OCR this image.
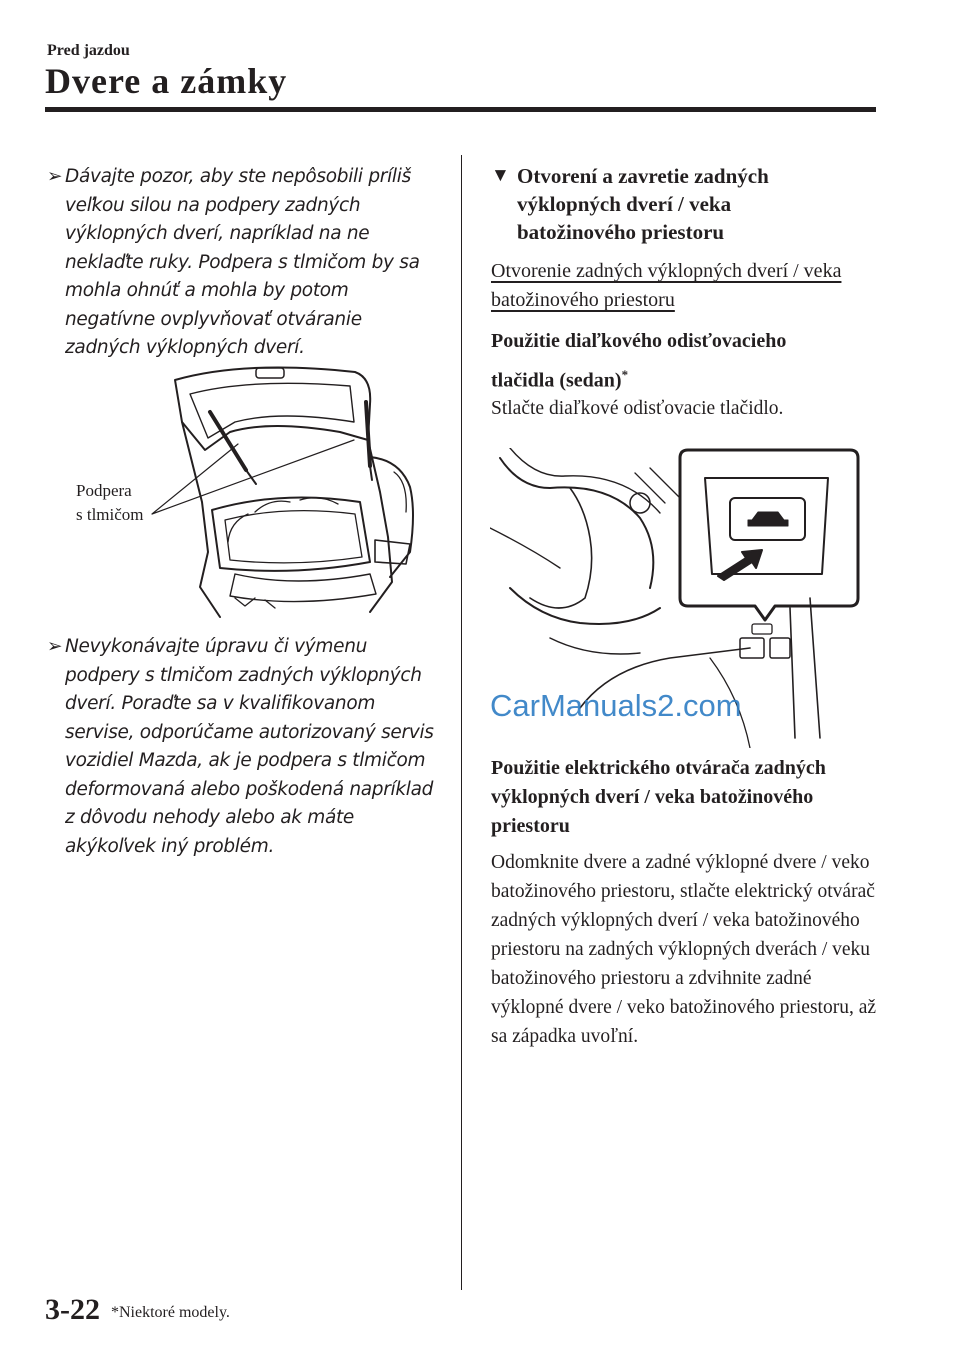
Pred jazdou
Dvere a zámky
➢ Dávajte pozor, aby ste nepôsobili príliš veľkou silou na podpery zadných výklopných dverí, napríklad na ne neklaďte ruky. Podpera s tlmičom by sa mohla ohnúť a mohla by potom negatívne ovplyvňovať otváranie zadných výklopných dverí.
Podpera
s tlmičom
➢ Nevykonávajte úpravu či výmenu podpery s tlmičom zadných výklopných dverí. Poraďte sa v kvalifikovanom servise, odporúčame autorizovaný servis vozidiel Mazda, ak je podpera s tlmičom deformovaná alebo poškodená napríklad z dôvodu nehody alebo ak máte akýkoľvek iný problém.
▼ Otvorení a zavretie zadných výklopných dverí / veka batožinového priestoru
Otvorenie zadných výklopných dverí / veka batožinového priestoru
Použitie diaľkového odisťovacieho tlačidla (sedan)*
Stlačte diaľkové odisťovacie tlačidlo.
CarManuals2.com
Použitie elektrického otvárača zadných výklopných dverí / veka batožinového priestoru
Odomknite dvere a zadné výklopné dvere / veko batožinového priestoru, stlačte elektrický otvárač zadných výklopných dverí / veka batožinového priestoru na zadných výklopných dverách / veku batožinového priestoru a zdvihnite zadné výklopné dvere / veko batožinového priestoru, až sa západka uvoľní.
3-22 *Niektoré modely.
